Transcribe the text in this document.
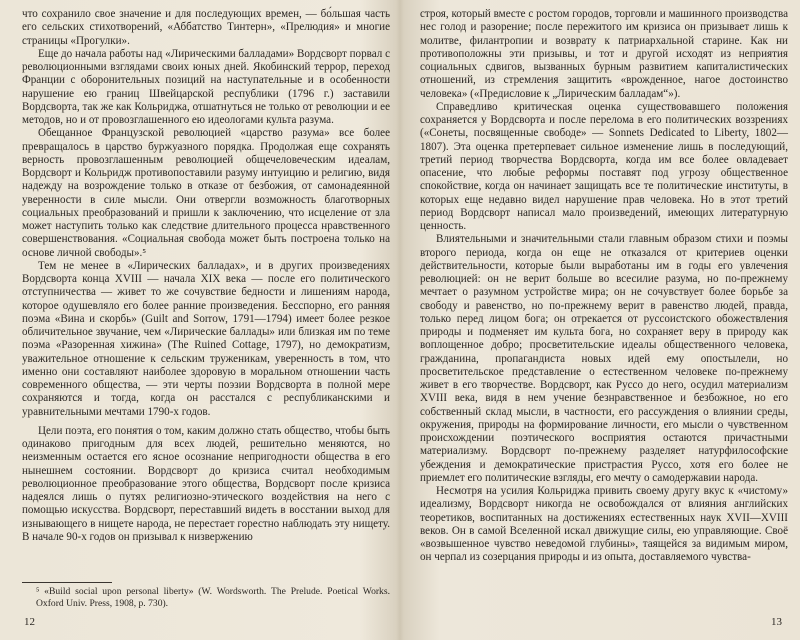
что сохранило свое значение и для последующих времен, — бо́льшая часть его сельских стихотворений, «Аббатство Тинтерн», «Прелюдия» и многие страницы «Прогулки».

Еще до начала работы над «Лирическими балладами» Вордсворт порвал с революционными взглядами своих юных дней. Якобинский террор, переход Франции с оборонительных позиций на наступательные и в особенности нарушение ею границ Швейцарской республики (1796 г.) заставили Вордсворта, так же как Кольриджа, отшатнуться не только от революции и ее методов, но и от провозглашенного ею идеологами культа разума.

Обещанное Французской революцией «царство разума» все более превращалось в царство буржуазного порядка. Продолжая еще сохранять верность провозглашенным революцией общечеловеческим идеалам, Вордсворт и Кольридж противопоставили разуму интуицию и религию, видя надежду на возрождение только в отказе от безбожия, от самонадеянной уверенности в силе мысли. Они отвергли возможность благотворных социальных преобразований и пришли к заключению, что исцеление от зла может наступить только как следствие длительного процесса нравственного совершенствования. «Социальная свобода может быть построена только на основе личной свободы».⁵

Тем не менее в «Лирических балладах», и в других произведениях Вордсворта конца XVIII — начала XIX века — после его политического отступничества — живет то же сочувствие бедности и лишениям народа, которое одушевляло его более ранние произведения. Бесспорно, его ранняя поэма «Вина и скорбь» (Guilt and Sorrow, 1791—1794) имеет более резкое обличительное звучание, чем «Лирические баллады» или близкая им по теме поэма «Разоренная хижина» (The Ruined Cottage, 1797), но демократизм, уважительное отношение к сельским труженикам, уверенность в том, что именно они составляют наиболее здоровую в моральном отношении часть современного общества, — эти черты поэзии Вордсворта в полной мере сохраняются и тогда, когда он расстался с республиканскими и уравнительными мечтами 1790-х годов.

Цели поэта, его понятия о том, каким должно стать общество, чтобы быть одинаково пригодным для всех людей, решительно меняются, но неизменным остается его ясное осознание непригодности общества в его нынешнем состоянии. Вордсворт до кризиса считал необходимым революционное преобразование этого общества, Вордсворт после кризиса надеялся лишь о путях религиозно-этического воздействия на него с помощью искусства. Вордсворт, переставший видеть в восстании выход для изнывающего в нищете народа, не перестает горестно наблюдать эту нищету. В начале 90-х годов он призывал к низвержению

⁵ «Build social upon personal liberty» (W. Wordsworth. The Prelude. Poetical Works. Oxford Univ. Press, 1908, p. 730).
12

строя, который вместе с ростом городов, торговли и машинного производства нес голод и разорение; после пережитого им кризиса он призывает лишь к молитве, филантропии и возврату к патриархальной старине. Как ни противоположны эти призывы, и тот и другой исходят из неприятия социальных сдвигов, вызванных бурным развитием капиталистических отношений, из стремления защитить «врожденное, нагое достоинство человека» («Предисловие к „Лирическим балладам“»).

Справедливо критическая оценка существовавшего положения сохраняется у Вордсворта и после перелома в его политических воззрениях («Сонеты, посвященные свободе» — Sonnets Dedicated to Liberty, 1802—1807). Эта оценка претерпевает сильное изменение лишь в последующий, третий период творчества Вордсворта, когда им все более овладевает опасение, что любые реформы поставят под угрозу общественное спокойствие, когда он начинает защищать все те политические институты, в которых еще недавно видел нарушение прав человека. Но в этот третий период Вордсворт написал мало произведений, имеющих литературную ценность.

Влиятельными и значительными стали главным образом стихи и поэмы второго периода, когда он еще не отказался от критериев оценки действительности, которые были выработаны им в годы его увлечения революцией: он не верит больше во всесилие разума, но по-прежнему мечтает о разумном устройстве мира; он не сочувствует более борьбе за свободу и равенство, но по-прежнему верит в равенство людей, правда, только перед лицом бога; он отрекается от руссоистского обожествления природы и подменяет им культа бога, но сохраняет веру в природу как воплощенное добро; просветительские идеалы общественного человека, гражданина, пропагандиста новых идей ему опостылели, но просветительское представление о естественном человеке по-прежнему живет в его творчестве. Вордсворт, как Руссо до него, осудил материализм XVIII века, видя в нем учение безнравственное и безбожное, но его собственный склад мысли, в частности, его рассуждения о влиянии среды, окружения, природы на формирование личности, его мысли о чувственном происхождении поэтического восприятия остаются причастными материализму. Вордсворт по-прежнему разделяет натурфилософские убеждения и демократические пристрастия Руссо, хотя его более не приемлет его политические взгляды, его мечту о самодержавии народа.

Несмотря на усилия Кольриджа привить своему другу вкус к «чистому» идеализму, Вордсворт никогда не освобождался от влияния английских теоретиков, воспитанных на достижениях естественных наук XVII—XVIII веков. Он в самой Вселенной искал движущие силы, ею управляющие. Своё «возвышенное чувство неведомой глубины», таящейся за видимым миром, он черпал из созерцания природы и из опыта, доставляемого чувства-

13
